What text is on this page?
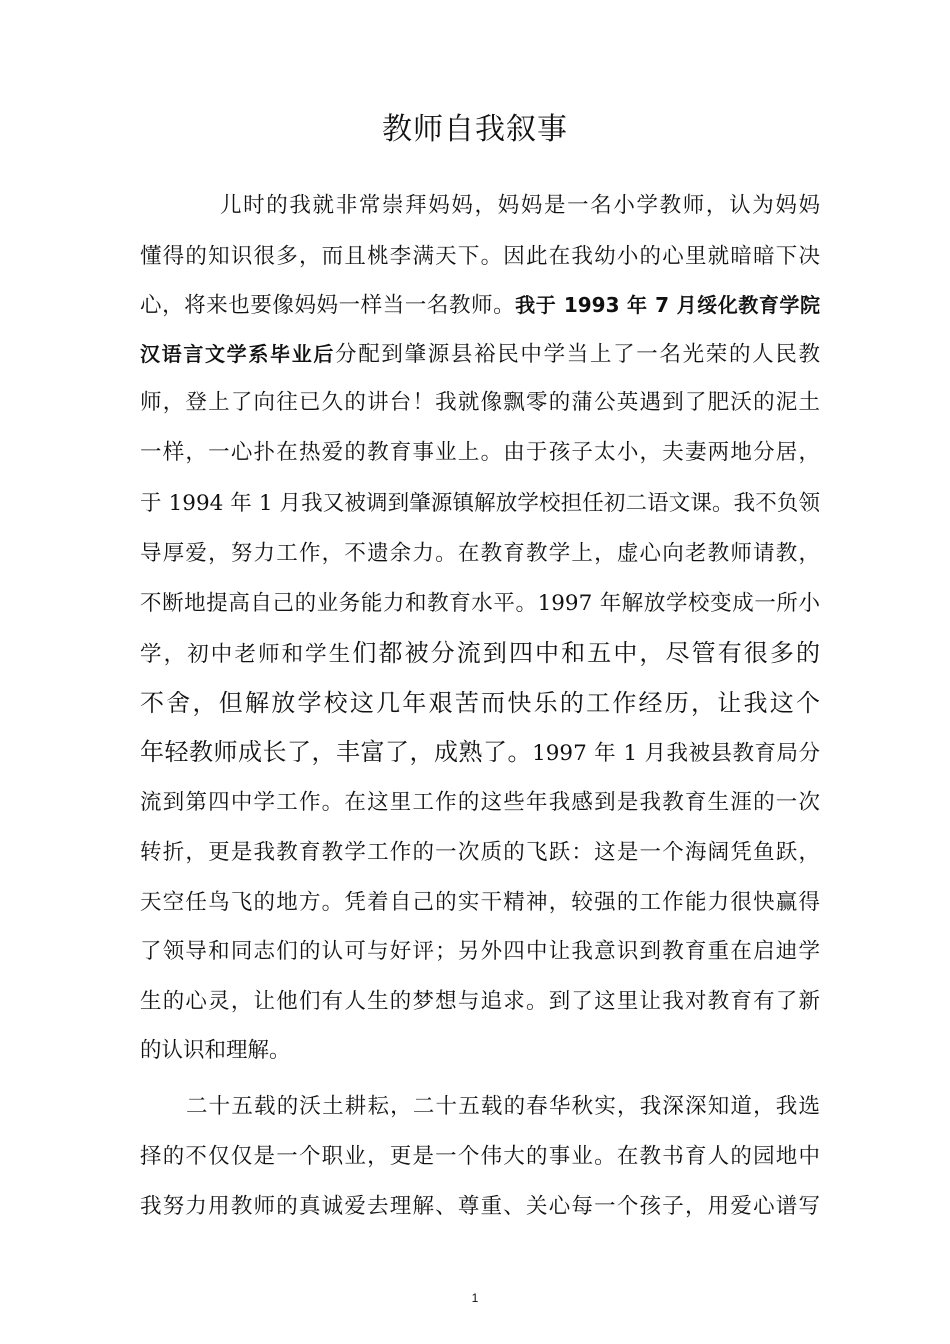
教师自我叙事
儿时的我就非常崇拜妈妈，妈妈是一名小学教师，认为妈妈
懂得的知识很多，而且桃李满天下。因此在我幼小的心里就暗暗下决
心，将来也要像妈妈一样当一名教师。我于 1993 年 7 月绥化教育学院
汉语言文学系毕业后分配到肇源县裕民中学当上了一名光荣的人民教
师，登上了向往已久的讲台！我就像飘零的蒲公英遇到了肥沃的泥土
一样，一心扑在热爱的教育事业上。由于孩子太小，夫妻两地分居，
于 1994 年 1 月我又被调到肇源镇解放学校担任初二语文课。我不负领
导厚爱，努力工作，不遗余力。在教育教学上，虚心向老教师请教，
不断地提高自己的业务能力和教育水平。1997 年解放学校变成一所小
学，初中老师和学生们都被分流到四中和五中，尽管有很多的
不舍，但解放学校这几年艰苦而快乐的工作经历，让我这个
年轻教师成长了，丰富了，成熟了。1997 年 1 月我被县教育局分
流到第四中学工作。在这里工作的这些年我感到是我教育生涯的一次
转折，更是我教育教学工作的一次质的飞跃：这是一个海阔凭鱼跃，
天空任鸟飞的地方。凭着自己的实干精神，较强的工作能力很快赢得
了领导和同志们的认可与好评；另外四中让我意识到教育重在启迪学
生的心灵，让他们有人生的梦想与追求。到了这里让我对教育有了新
的认识和理解。
二十五载的沃土耕耘，二十五载的春华秋实，我深深知道，我选
择的不仅仅是一个职业，更是一个伟大的事业。在教书育人的园地中
我努力用教师的真诚爱去理解、尊重、关心每一个孩子，用爱心谱写
1
